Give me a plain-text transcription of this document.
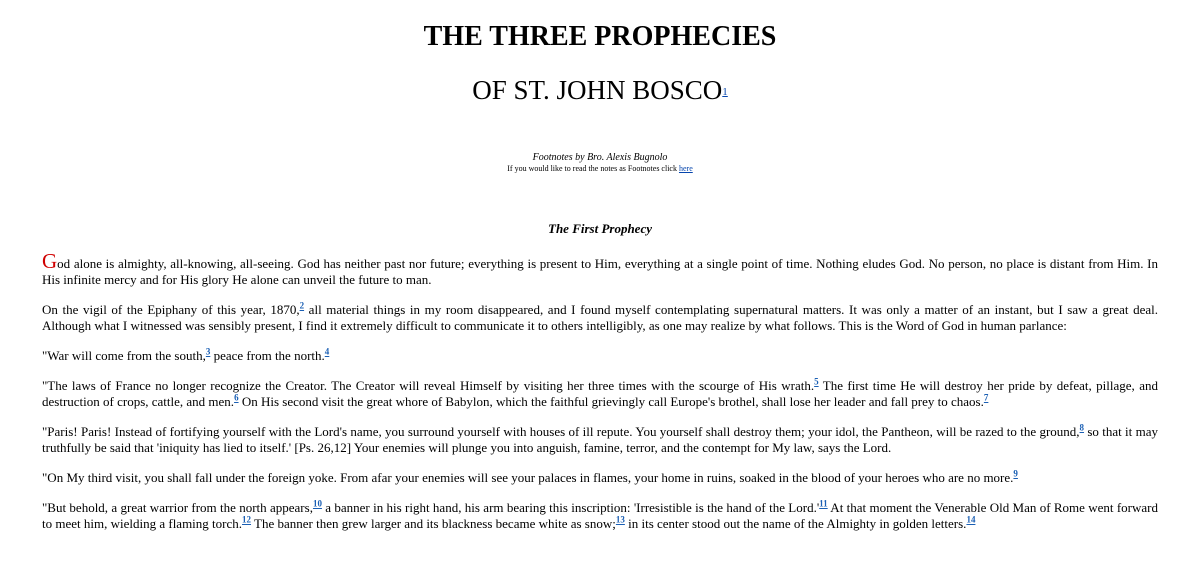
THE THREE PROPHECIES
OF ST. JOHN BOSCO$^1$
Footnotes by Bro. Alexis Bugnolo
If you would like to read the notes as Footnotes click here
The First Prophecy

God alone is almighty, all-knowing, all-seeing. God has neither past nor future; everything is present to Him, everything at a single point of time. Nothing eludes God. No person, no place is distant from Him. In His infinite mercy and for His glory He alone can unveil the future to man.

On the vigil of the Epiphany of this year, 1870,$^2$ all material things in my room disappeared, and I found myself contemplating supernatural matters. It was only a matter of an instant, but I saw a great deal. Although what I witnessed was sensibly present, I find it extremely difficult to communicate it to others intelligibly, as one may realize by what follows. This is the Word of God in human parlance:

"War will come from the south,$^3$ peace from the north.$^4$

"The laws of France no longer recognize the Creator. The Creator will reveal Himself by visiting her three times with the scourge of His wrath.$^5$ The first time He will destroy her pride by defeat, pillage, and destruction of crops, cattle, and men.$^6$ On His second visit the great whore of Babylon, which the faithful grievingly call Europe's brothel, shall lose her leader and fall prey to chaos.$^7$

"Paris! Paris! Instead of fortifying yourself with the Lord's name, you surround yourself with houses of ill repute. You yourself shall destroy them; your idol, the Pantheon, will be razed to the ground,$^8$ so that it may truthfully be said that 'iniquity has lied to itself.' [Ps. 26,12] Your enemies will plunge you into anguish, famine, terror, and the contempt for My law, says the Lord.

"On My third visit, you shall fall under the foreign yoke. From afar your enemies will see your palaces in flames, your home in ruins, soaked in the blood of your heroes who are no more.$^9$

"But behold, a great warrior from the north appears,$^{10}$ a banner in his right hand, his arm bearing this inscription: 'Irresistible is the hand of the Lord.'$^{11}$ At that moment the Venerable Old Man of Rome went forward to meet him, wielding a flaming torch.$^{12}$ The banner then grew larger and its blackness became white as snow;$^{13}$ in its center stood out the name of the Almighty in golden letters.$^{14}$
